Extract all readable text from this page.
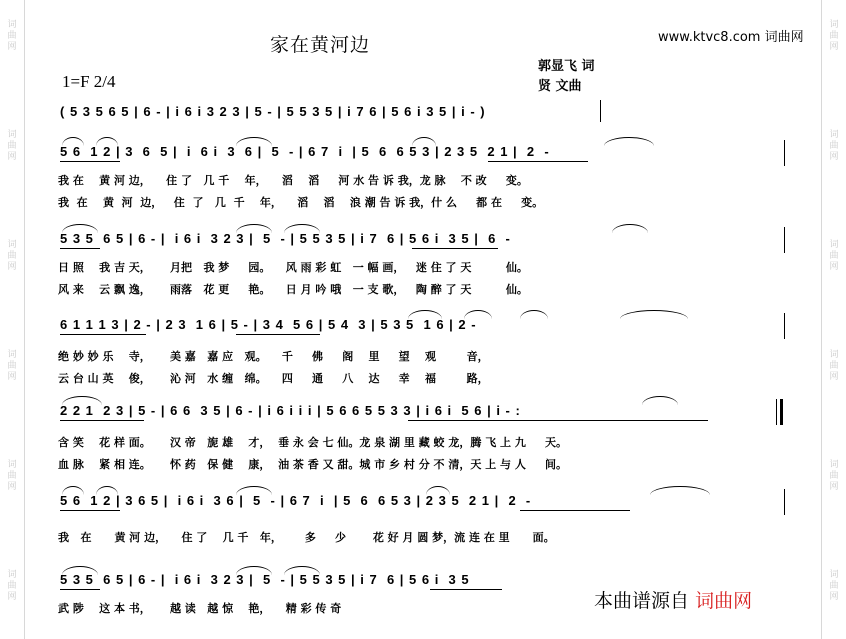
词
曲
网
词
曲
网
词
曲
网
词
曲
网
词
曲
网
词
曲
网
词
曲
网
词
曲
网
词
曲
网
词
曲
网
词
曲
网
词
曲
网
家在黄河边	www.ktvc8.com 词曲网
郭显飞 词
贤 文曲
1=F 2/4
( 5 3 5 6 5 | 6 - | i 6 i 3 2 3 | 5 - | 5 5 3 5 | i 7 6 | 5 6 i 3 5 | i - )
5 6  1 2 | 3  6  5 |  i  6 i  3  6 |  5  - | 6 7  i  | 5  6  6 5 3 | 2 3 5  2 1 |  2  -
我 在    黄 河 边，    住 了   几 千    年，    滔    滔     河 水 告 诉 我，龙 脉    不 改     变。
我  在    黄  河  边，   住  了   几  千    年，    滔    滔    浪 潮 告 诉 我，什 么     都 在     变。
5 3 5  6 5 | 6 - |  i 6 i  3 2 3 |  5  - | 5 5 3 5 | i 7  6 | 5 6 i  3 5 |  6  -
日 照    我 吉 天，     月把   我 梦     园。    风 雨 彩 虹   一 幅 画，   迷 住 了 天         仙。
风 来    云 飘 逸，     雨落   花 更     艳。    日 月 吟 哦   一 支 歌，   陶 醉 了 天         仙。
6 1 1 1 3 | 2 - | 2 3  1 6 | 5 - | 3 4  5 6 | 5 4  3 | 5 3 5  1 6 | 2 -
绝 妙 妙 乐    寺，     美 嘉   嘉 应   观。    千     佛     阁    里     望    观        音，
云 台 山 英    俊，     沁 河   水 缠   绵。    四     通     八    达     幸    福        路，
2 2 1  2 3 | 5 - | 6 6  3 5 | 6 - | i 6 i i i | 5 6 6 5 5 3 3 | i 6 i  5 6 | i - :
含 笑    花 样 面。     汉 帝   旎 雄    才，  垂 永 会 七 仙。龙 泉 湖 里 藏 蛟 龙，腾 飞 上 九     天。
血 脉    紧 相 连。     怀 药   保 健    康，  油 茶 香 又 甜。城 市 乡 村 分 不 清，天 上 与 人     间。
5 6  1 2 | 3 6 5 |  i 6 i  3 6 |  5  - | 6 7  i  | 5  6  6 5 3 | 2 3 5  2 1 |  2  -
我   在      黄 河 边，    住 了    几 千   年，      多     少       花 好 月 圆 梦，流 连 在 里      面。
5 3 5  6 5 | 6 - |  i 6 i  3 2 3 |  5  - | 5 5 3 5 | i 7  6 | 5 6 i  3 5
武 陟    这 本 书，     越 读   越 惊    艳，    精 彩 传 奇	本曲谱源自 词曲网
